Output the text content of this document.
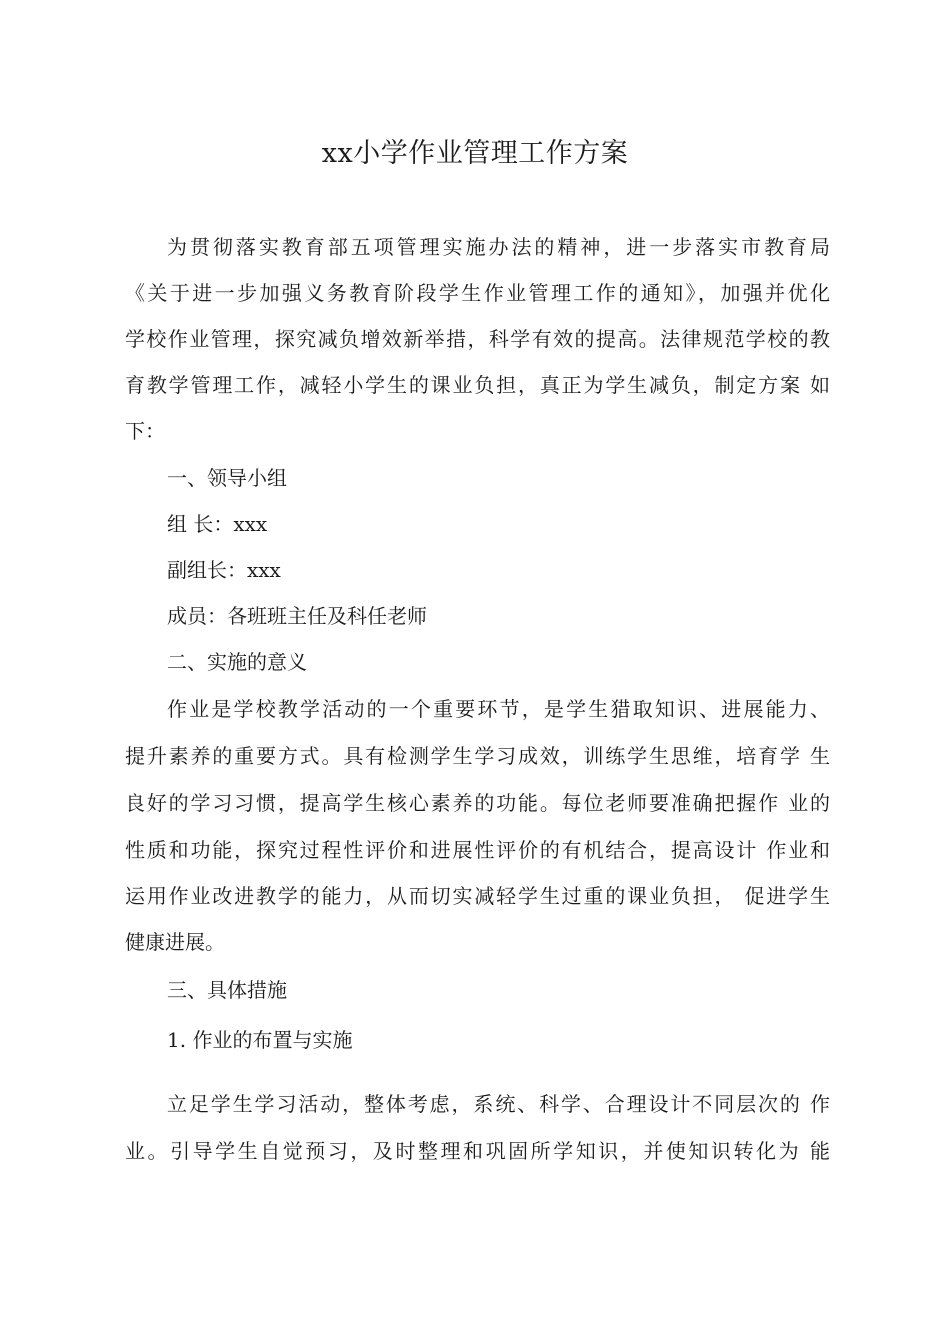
xx小学作业管理工作方案
为贯彻落实教育部五项管理实施办法的精神，进一步落实市教育局
《关于进一步加强义务教育阶段学生作业管理工作的通知》，加强并优化
学校作业管理，探究减负增效新举措，科学有效的提高。法律规范学校的教
育教学管理工作，减轻小学生的课业负担，真正为学生减负，制定方案 如
下：
一、领导小组
组 长：xxx
副组长：xxx
成员：各班班主任及科任老师
二、实施的意义
作业是学校教学活动的一个重要环节，是学生猎取知识、进展能力、
提升素养的重要方式。具有检测学生学习成效，训练学生思维，培育学 生
良好的学习习惯，提高学生核心素养的功能。每位老师要准确把握作 业的
性质和功能，探究过程性评价和进展性评价的有机结合，提高设计 作业和
运用作业改进教学的能力，从而切实减轻学生过重的课业负担， 促进学生
健康进展。
三、具体措施
1. 作业的布置与实施
立足学生学习活动，整体考虑，系统、科学、合理设计不同层次的 作
业。引导学生自觉预习，及时整理和巩固所学知识，并使知识转化为 能
